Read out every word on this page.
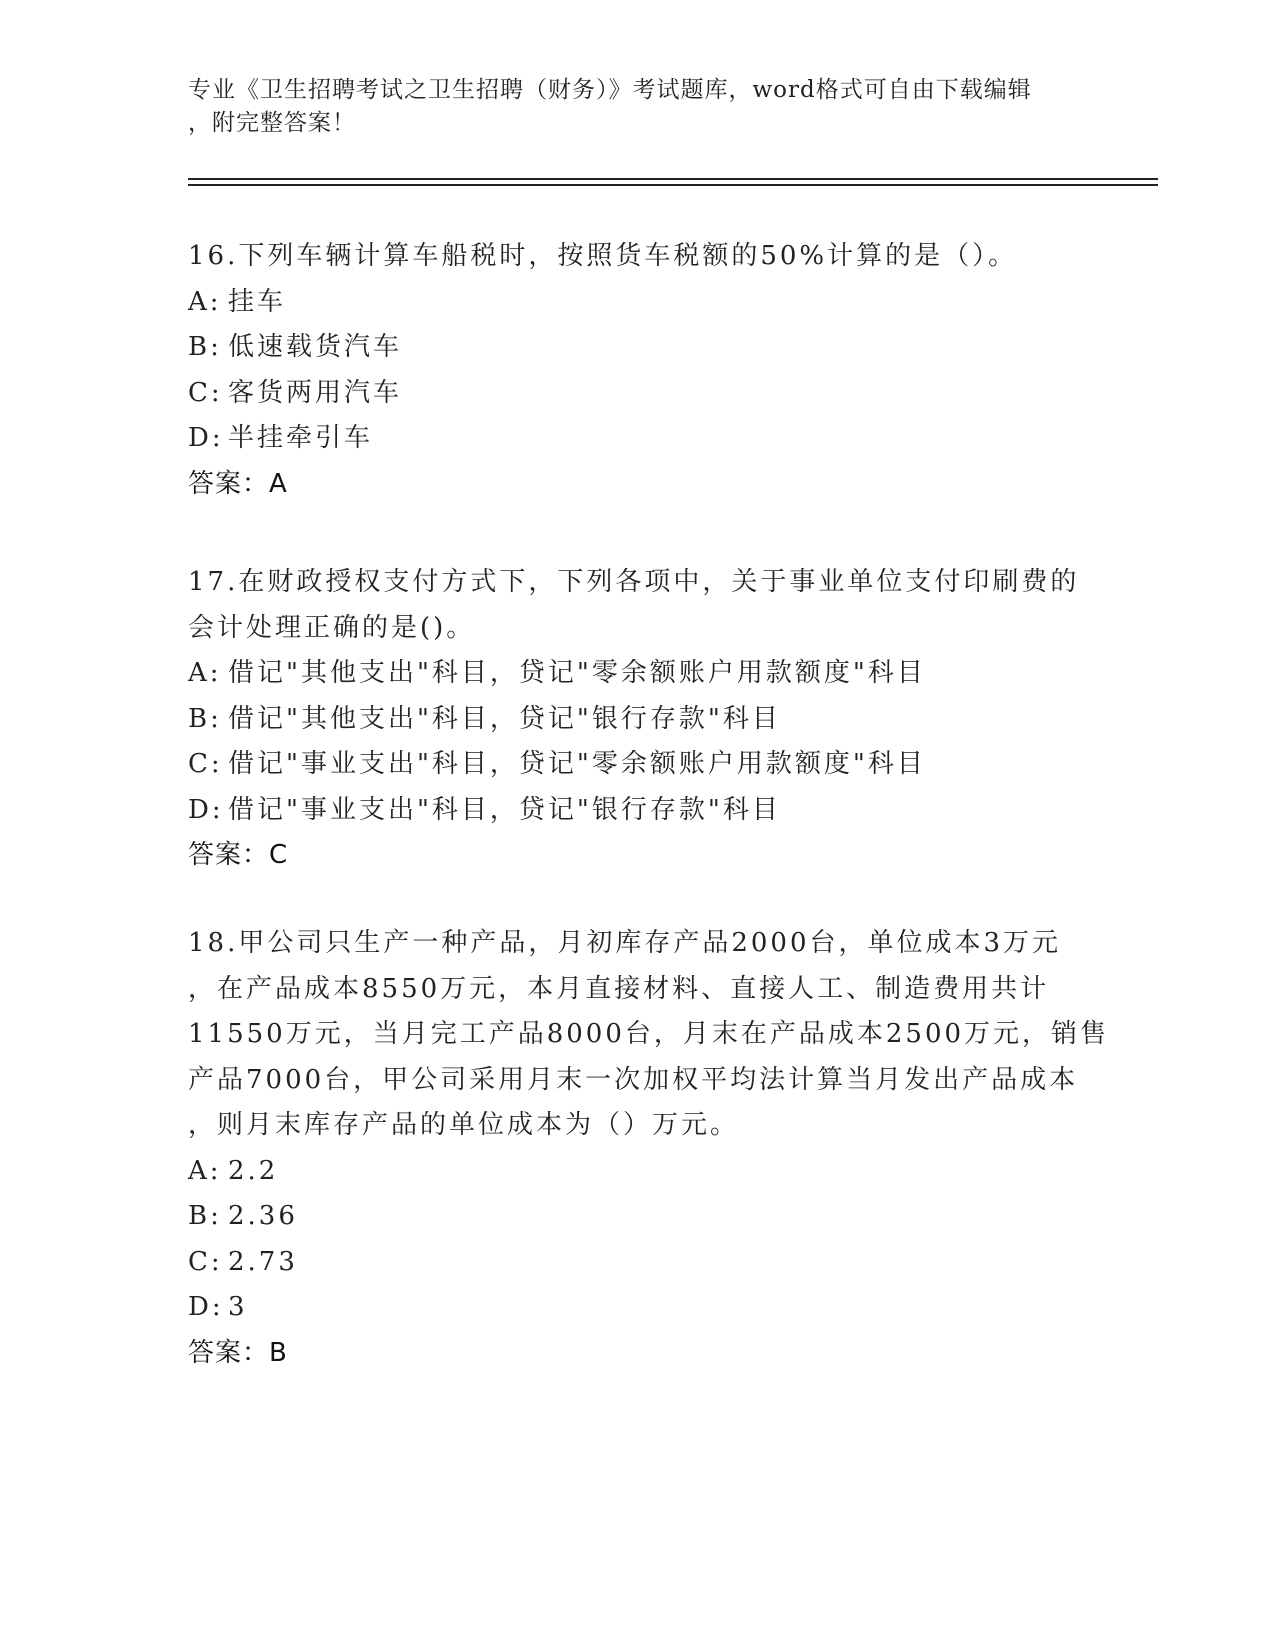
专业《卫生招聘考试之卫生招聘（财务）》考试题库，word格式可自由下载编辑
，附完整答案！
16.下列车辆计算车船税时，按照货车税额的50%计算的是（）。
A: 挂车
B: 低速载货汽车
C: 客货两用汽车
D: 半挂牵引车
答案：A
17.在财政授权支付方式下，下列各项中，关于事业单位支付印刷费的
会计处理正确的是()。
A: 借记"其他支出"科目，贷记"零余额账户用款额度"科目
B: 借记"其他支出"科目，贷记"银行存款"科目
C: 借记"事业支出"科目，贷记"零余额账户用款额度"科目
D: 借记"事业支出"科目，贷记"银行存款"科目
答案：C
18.甲公司只生产一种产品，月初库存产品2000台，单位成本3万元
，在产品成本8550万元，本月直接材料、直接人工、制造费用共计
11550万元，当月完工产品8000台，月末在产品成本2500万元，销售
产品7000台，甲公司采用月末一次加权平均法计算当月发出产品成本
，则月末库存产品的单位成本为（）万元。
A: 2.2
B: 2.36
C: 2.73
D: 3
答案：B
